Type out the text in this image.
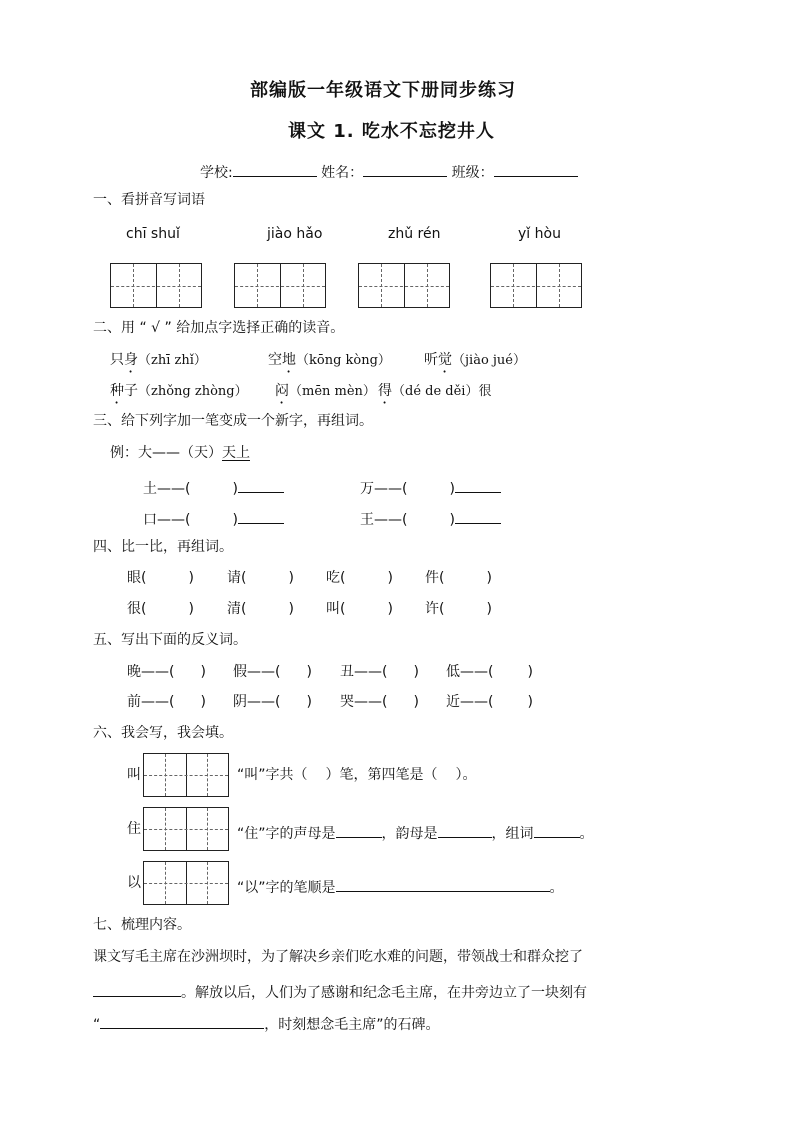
部编版一年级语文下册同步练习
课文 1. 吃水不忘挖井人
学校:	姓名：	班级：
一、看拼音写词语
chī shuǐ	jiào hǎo	zhǔ rén	yǐ hòu
二、用 “ √ ” 给加点字选择正确的读音。
只身（zhī zhǐ）	空地（kōng kòng） 听觉（jiào jué）
种子（zhǒng zhòng） 闷（mēn mèn） 得（dé de děi）很
三、给下列字加一笔变成一个新字，再组词。
例：大——（天）天上
土——(	)	万——(	)
口——(	)	王——(	)
四、比一比，再组词。
眼(	) 请(	) 吃(	) 件(	)
很(	) 清(	) 叫(	) 许(	)
五、写出下面的反义词。
晚——( ) 假——( ) 丑——( ) 低——( )
前——( ) 阴——( ) 哭——( ) 近——( )
六、我会写，我会填。
叫	“叫”字共（ ）笔，第四笔是（ ）。
住	“住”字的声母是	，韵母是	，组词	。
以	“以”字的笔顺是	。
七、梳理内容。
课文写毛主席在沙洲坝时，为了解决乡亲们吃水难的问题，带领战士和群众挖了
。解放以后，人们为了感谢和纪念毛主席，在井旁边立了一块刻有
“	，时刻想念毛主席”的石碑。
